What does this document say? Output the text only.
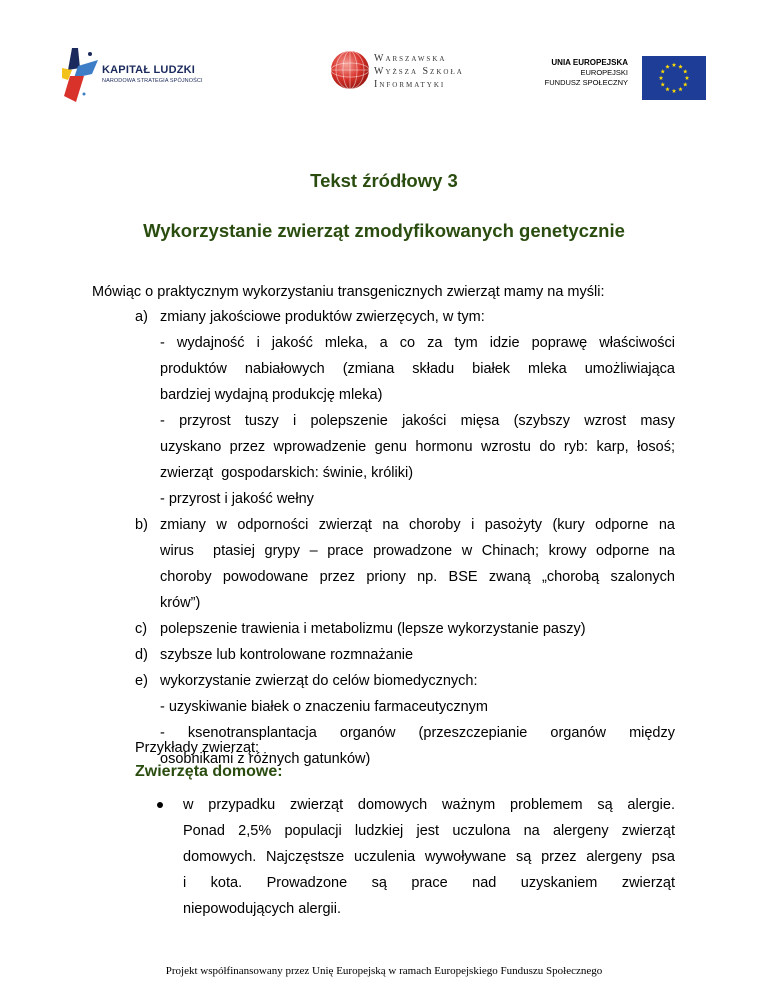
KAPITAŁ LUDZKI
NARODOWA STRATEGIA SPÓJNOŚCI
Warszawska
Wyższa Szkoła
Informatyki
UNIA EUROPEJSKA
EUROPEJSKI
FUNDUSZ SPOŁECZNY
Tekst źródłowy 3
Wykorzystanie zwierząt zmodyfikowanych genetycznie
Mówiąc o praktycznym wykorzystaniu transgenicznych zwierząt mamy na myśli:
a) zmiany jakościowe produktów zwierzęcych, w tym:
- wydajność i jakość mleka, a co za tym idzie poprawę właściwości
produktów nabiałowych (zmiana składu białek mleka umożliwiająca
bardziej wydajną produkcję mleka)
- przyrost tuszy i polepszenie jakości mięsa (szybszy wzrost masy
uzyskano przez wprowadzenie genu hormonu wzrostu do ryb: karp, łosoś;
zwierząt  gospodarskich: świnie, króliki)
- przyrost i jakość wełny
b) zmiany w odporności zwierząt na choroby i pasożyty (kury odporne na
wirus  ptasiej grypy – prace prowadzone w Chinach; krowy odporne na
choroby powodowane przez priony np. BSE zwaną „chorobą szalonych
krów”)
c) polepszenie trawienia i metabolizmu (lepsze wykorzystanie paszy)
d) szybsze lub kontrolowane rozmnażanie
e) wykorzystanie zwierząt do celów biomedycznych:
- uzyskiwanie białek o znaczeniu farmaceutycznym
-  ksenotransplantacja  organów  (przeszczepianie  organów  między
osobnikami z różnych gatunków)
Przykłady zwierząt:
Zwierzęta domowe:
w przypadku zwierząt domowych ważnym problemem są alergie.
Ponad 2,5% populacji ludzkiej jest uczulona na alergeny zwierząt
domowych. Najczęstsze uczulenia wywoływane są przez alergeny psa
i kota. Prowadzone są prace nad uzyskaniem zwierząt
niepowodujących alergii.
Projekt współfinansowany przez Unię Europejską w ramach Europejskiego Funduszu Społecznego
